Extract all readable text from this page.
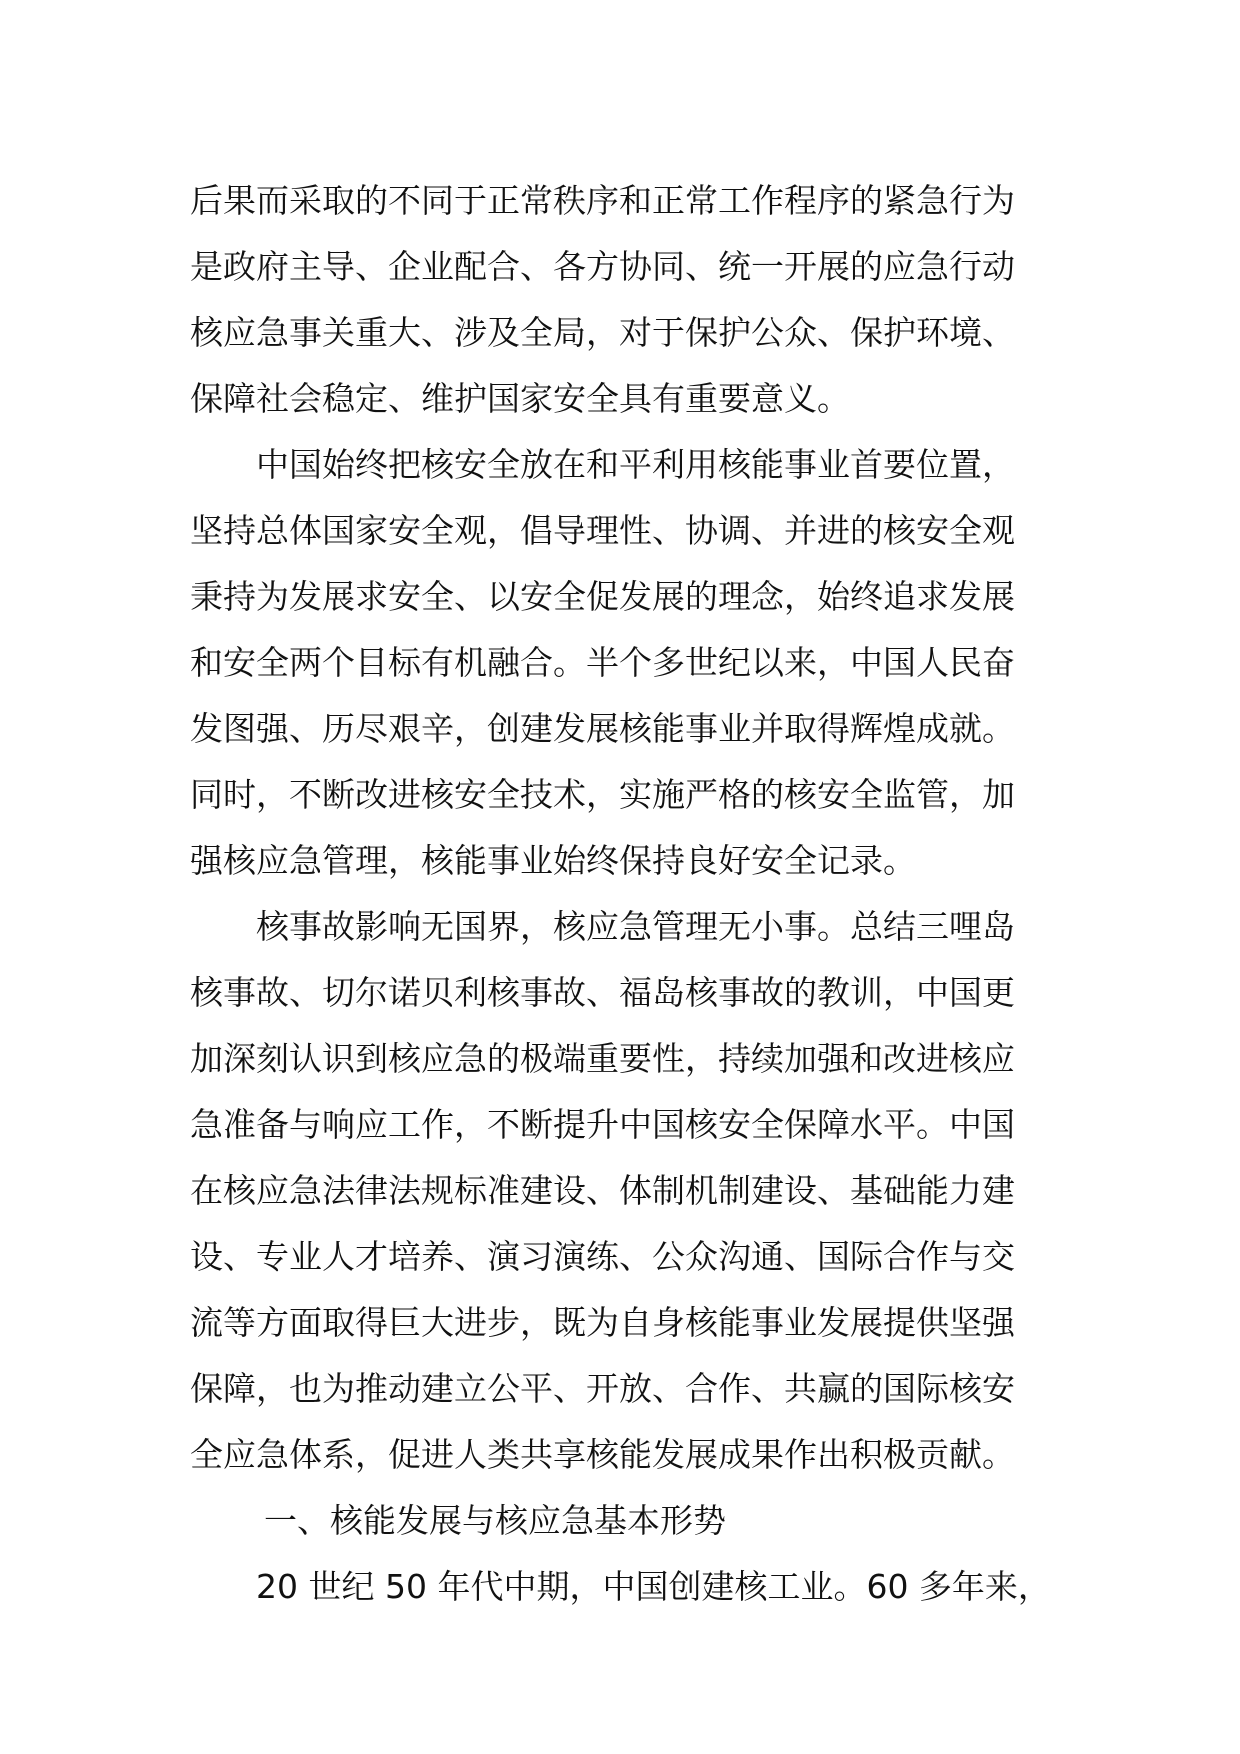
后果而采取的不同于正常秩序和正常工作程序的紧急行为
是政府主导、企业配合、各方协同、统一开展的应急行动
核应急事关重大、涉及全局，对于保护公众、保护环境、
保障社会稳定、维护国家安全具有重要意义。
中国始终把核安全放在和平利用核能事业首要位置，
坚持总体国家安全观，倡导理性、协调、并进的核安全观
秉持为发展求安全、以安全促发展的理念，始终追求发展
和安全两个目标有机融合。半个多世纪以来，中国人民奋
发图强、历尽艰辛，创建发展核能事业并取得辉煌成就。
同时，不断改进核安全技术，实施严格的核安全监管，加
强核应急管理，核能事业始终保持良好安全记录。
核事故影响无国界，核应急管理无小事。总结三哩岛
核事故、切尔诺贝利核事故、福岛核事故的教训，中国更
加深刻认识到核应急的极端重要性，持续加强和改进核应
急准备与响应工作，不断提升中国核安全保障水平。中国
在核应急法律法规标准建设、体制机制建设、基础能力建
设、专业人才培养、演习演练、公众沟通、国际合作与交
流等方面取得巨大进步，既为自身核能事业发展提供坚强
保障，也为推动建立公平、开放、合作、共赢的国际核安
全应急体系，促进人类共享核能发展成果作出积极贡献。
一、核能发展与核应急基本形势
20 世纪 50 年代中期，中国创建核工业。60 多年来，
